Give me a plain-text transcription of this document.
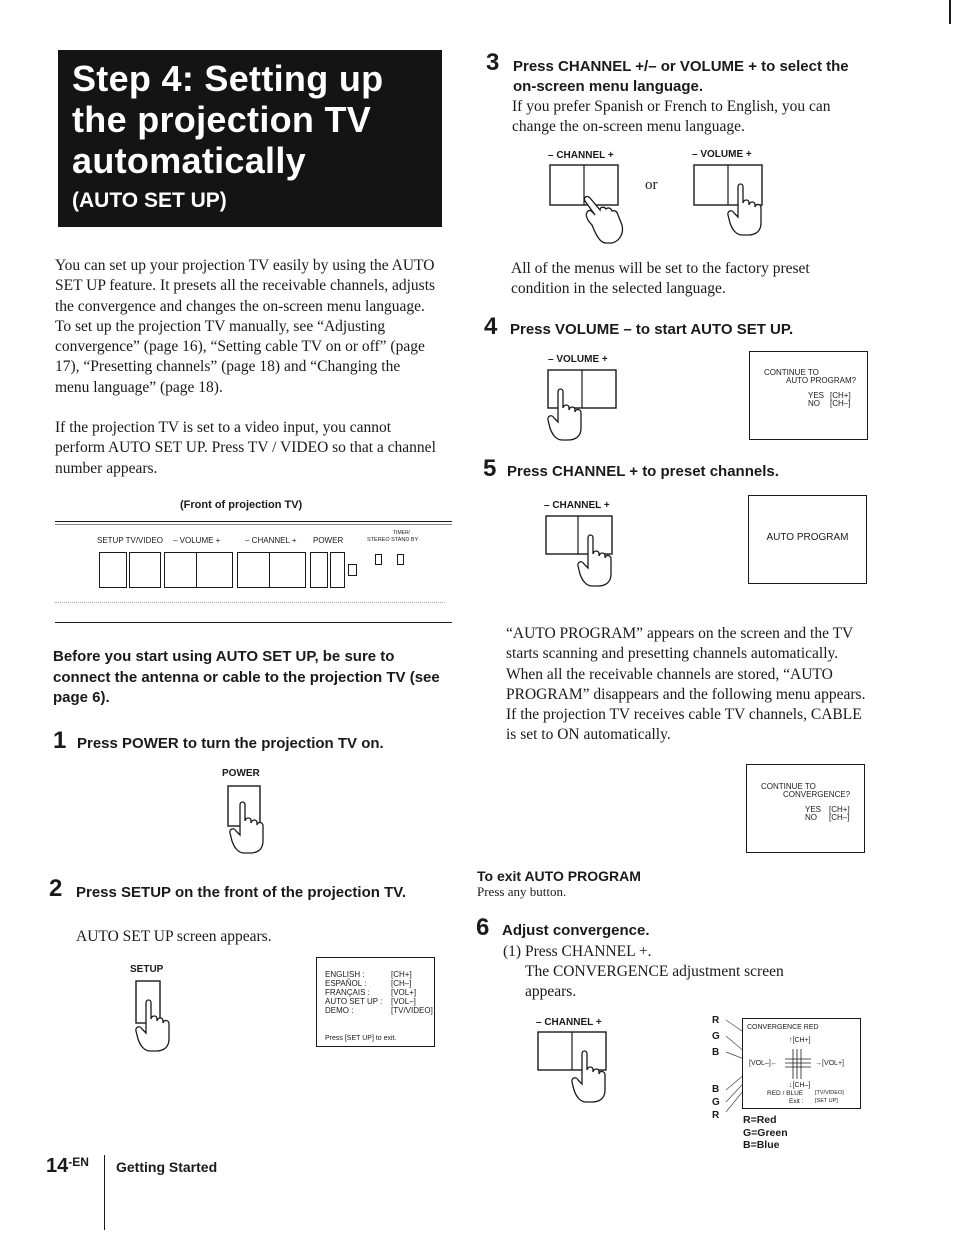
Step 4: Setting up the projection TV automatically
(AUTO SET UP)
You can set up your projection TV easily by using the AUTO SET UP feature. It presets all the receivable channels, adjusts the convergence and changes the on-screen menu language. To set up the projection TV manually, see “Adjusting convergence” (page 16), “Setting cable TV on or off” (page 17), “Presetting channels” (page 18) and “Changing the menu language” (page 18).
If the projection TV is set to a video input, you cannot perform AUTO SET UP. Press TV / VIDEO so that a channel number appears.
(Front of projection TV)
SETUP TV/VIDEO – VOLUME +	– CHANNEL + POWER
TIMER/
STEREO STAND BY
Before you start using AUTO SET UP, be sure to connect the antenna or cable to the projection TV (see page 6).
1 Press POWER to turn the projection TV on.
POWER
2 Press SETUP on the front of the projection TV.
AUTO SET UP screen appears.
SETUP	ENGLISH :	[CH+]
ESPAÑOL :	[CH–]
FRANÇAIS :	[VOL+]
AUTO SET UP :	[VOL–]
DEMO :	[TV/VIDEO]
Press [SET UP] to exit.
$14^{-EN}$ Getting Started
3 Press CHANNEL +/– or VOLUME + to select the on-screen menu language.
If you prefer Spanish or French to English, you can change the on-screen menu language.
– CHANNEL +	– VOLUME +
or
All of the menus will be set to the factory preset condition in the selected language.
4 Press VOLUME – to start AUTO SET UP.
– VOLUME +
CONTINUE TO
AUTO PROGRAM?
YES [CH+]
NO [CH–]
5 Press CHANNEL + to preset channels.
– CHANNEL +
AUTO PROGRAM
“AUTO PROGRAM” appears on the screen and the TV starts scanning and presetting channels automatically. When all the receivable channels are stored, “AUTO PROGRAM” disappears and the following menu appears. If the projection TV receives cable TV channels, CABLE is set to ON automatically.
CONTINUE TO
CONVERGENCE?
YES [CH+]
NO [CH–]
To exit AUTO PROGRAM
Press any button.
6 Adjust convergence.
(1) Press CHANNEL +.
The CONVERGENCE adjustment screen appears.
– CHANNEL +	R
G
B
B
G
R
CONVERGENCE RED
↑[CH+]
[VOL–]←	→[VOL+]
↓[CH–]
RED / BLUE [TV/VIDEO]
Exit : [SET UP]
R=Red
G=Green
B=Blue
